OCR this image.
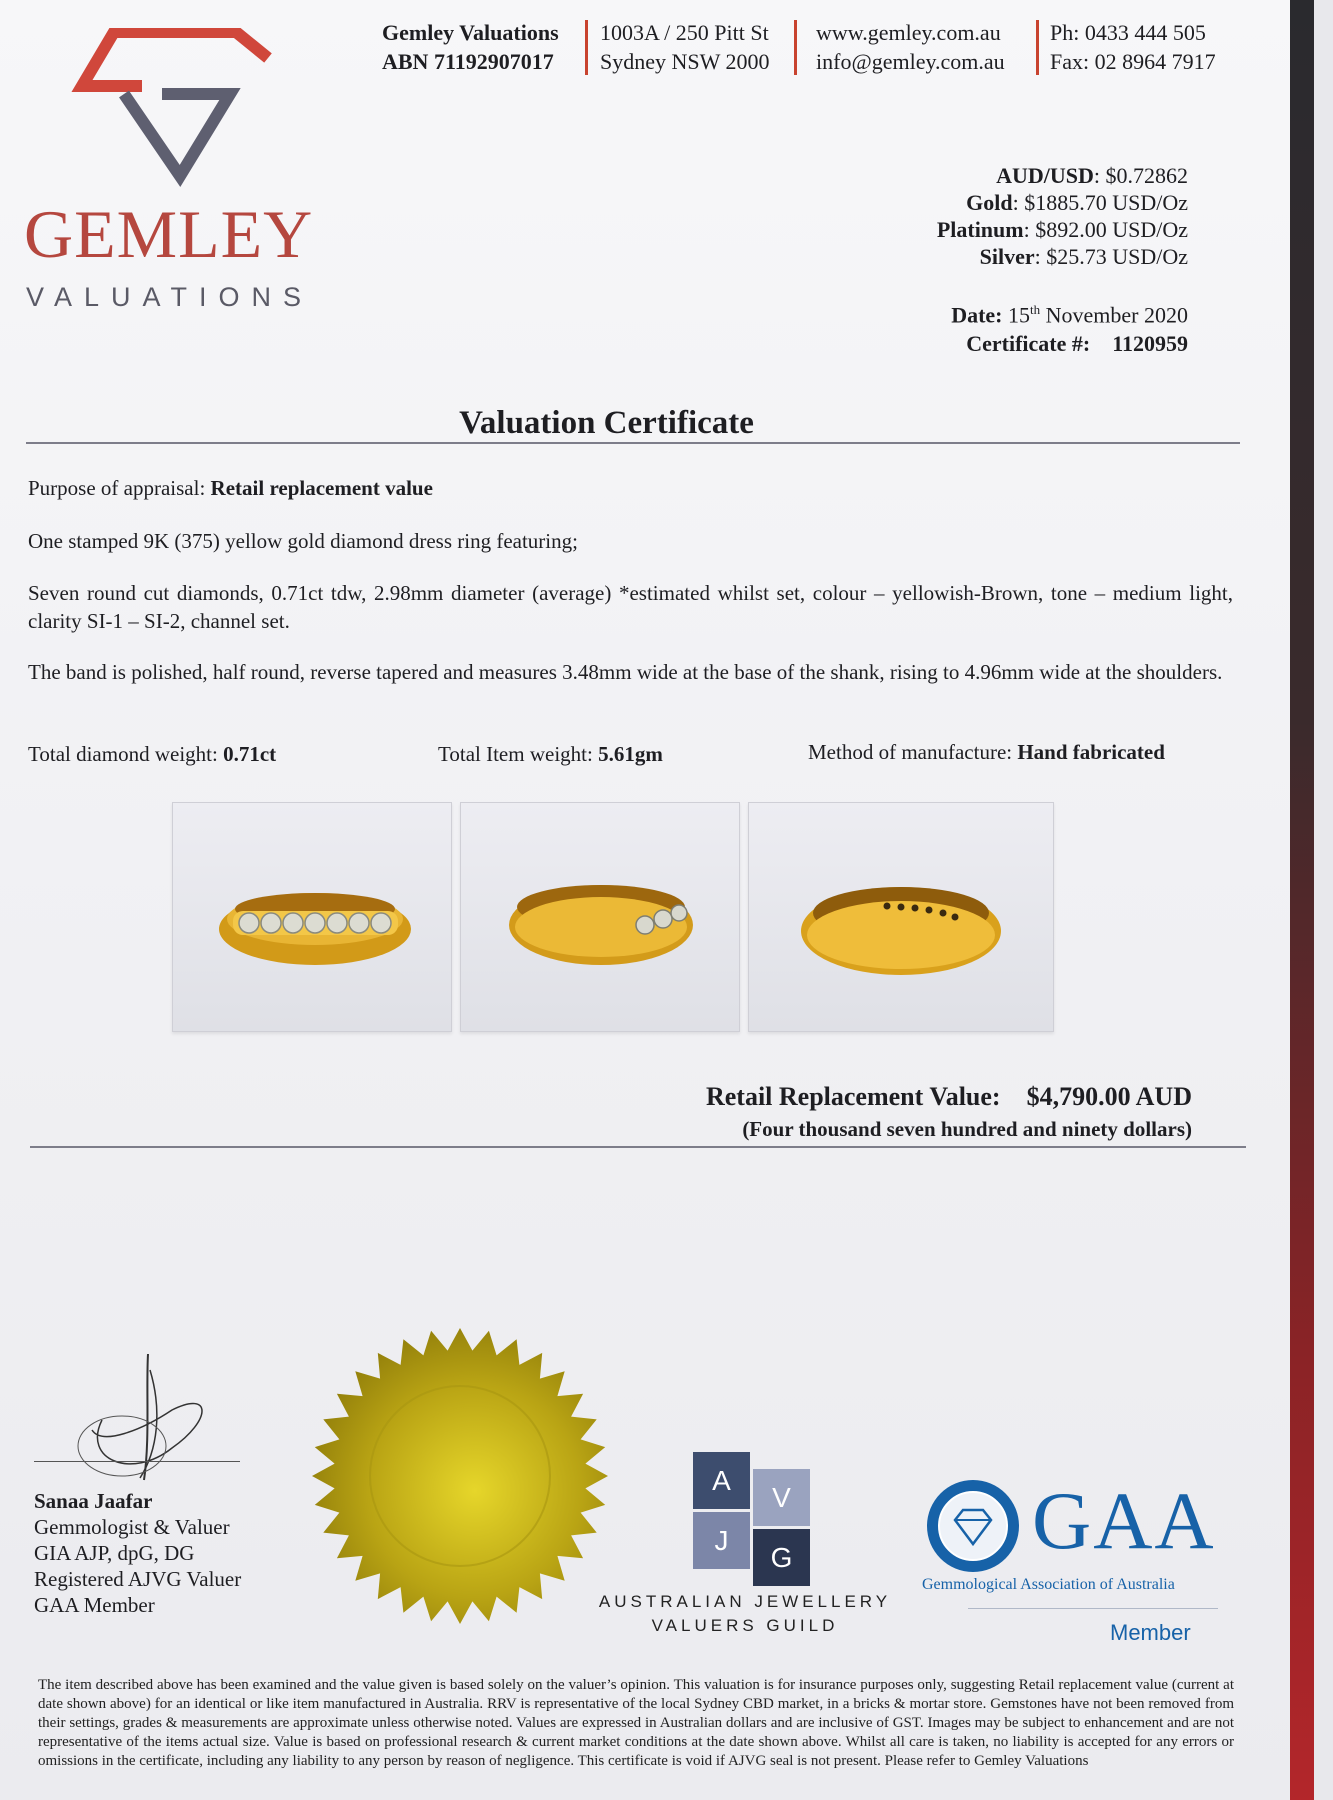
GEMLEY
VALUATIONS
Gemley Valuations
ABN 71192907017
1003A / 250 Pitt St
Sydney NSW 2000
www.gemley.com.au
info@gemley.com.au
Ph: 0433 444 505
Fax: 02 8964 7917
AUD/USD: $0.72862
Gold: $1885.70 USD/Oz
Platinum: $892.00 USD/Oz
Silver: $25.73 USD/Oz
Date: 15th November 2020
Certificate #: 1120959
Valuation Certificate
Purpose of appraisal: Retail replacement value
One stamped 9K (375) yellow gold diamond dress ring featuring;
Seven round cut diamonds, 0.71ct tdw, 2.98mm diameter (average) *estimated whilst set, colour – yellowish-Brown, tone – medium light, clarity SI-1 – SI-2, channel set.
The band is polished, half round, reverse tapered and measures 3.48mm wide at the base of the shank, rising to 4.96mm wide at the shoulders.
Total diamond weight: 0.71ct	Total Item weight: 5.61gm	Method of manufacture: Hand fabricated
Retail Replacement Value: $4,790.00 AUD
(Four thousand seven hundred and ninety dollars)
Sanaa Jaafar
Gemmologist & Valuer
GIA AJP, dpG, DG
Registered AJVG Valuer
GAA Member
A
V
J
G
AUSTRALIAN JEWELLERY
VALUERS GUILD
GAA
Gemmological Association of Australia
Member
The item described above has been examined and the value given is based solely on the valuer’s opinion. This valuation is for insurance purposes only, suggesting Retail replacement value (current at date shown above) for an identical or like item manufactured in Australia. RRV is representative of the local Sydney CBD market, in a bricks & mortar store. Gemstones have not been removed from their settings, grades & measurements are approximate unless otherwise noted. Values are expressed in Australian dollars and are inclusive of GST. Images may be subject to enhancement and are not representative of the items actual size. Value is based on professional research & current market conditions at the date shown above. Whilst all care is taken, no liability is accepted for any errors or omissions in the certificate, including any liability to any person by reason of negligence. This certificate is void if AJVG seal is not present. Please refer to Gemley Valuations
